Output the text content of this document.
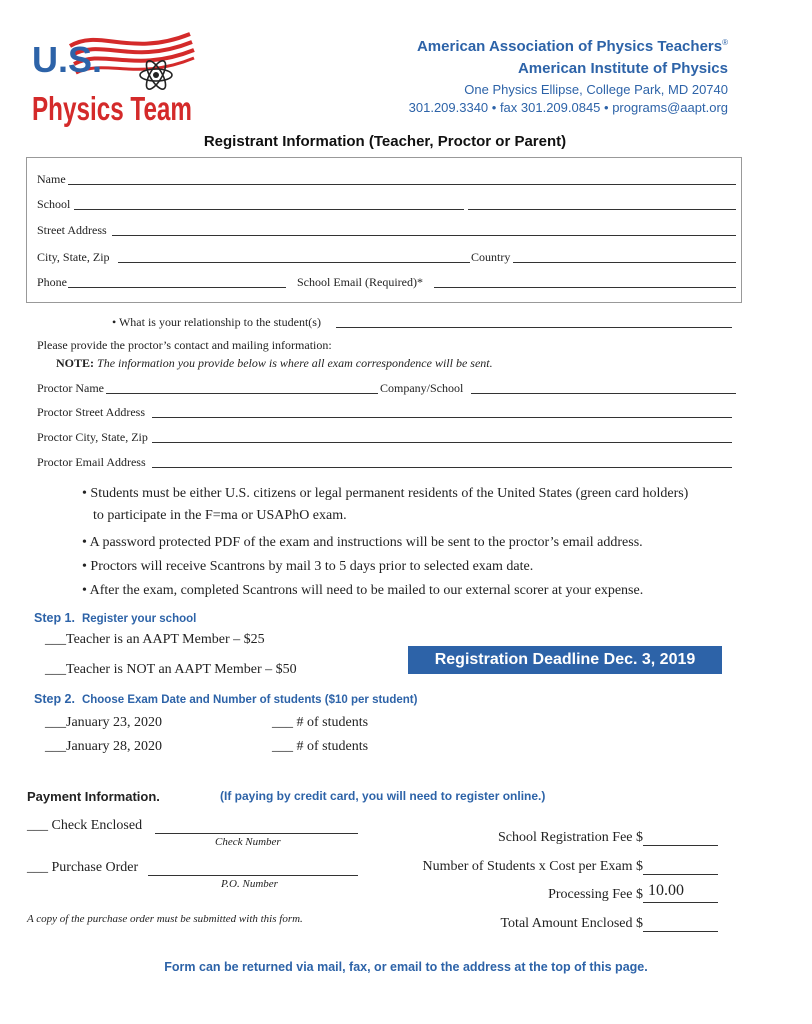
U.S.
Physics Team
American Association of Physics Teachers®
American Institute of Physics
One Physics Ellipse, College Park, MD 20740
301.209.3340 • fax 301.209.0845 • programs@aapt.org
Registrant Information (Teacher, Proctor or Parent)
Name
School
Street Address
City, State, Zip	Country
Phone	School Email (Required)*
• What is your relationship to the student(s)
Please provide the proctor’s contact and mailing information:
NOTE: The information you provide below is where all exam correspondence will be sent.
Proctor Name	Company/School
Proctor Street Address
Proctor City, State, Zip
Proctor Email Address
• Students must be either U.S. citizens or legal permanent residents of the United States (green card holders)
to participate in the F=ma or USAPhO exam.
• A password protected PDF of the exam and instructions will be sent to the proctor’s email address.
• Proctors will receive Scantrons by mail 3 to 5 days prior to selected exam date.
• After the exam, completed Scantrons will need to be mailed to our external scorer at your expense.
Step 1. Register your school
___Teacher is an AAPT Member – $25
___Teacher is NOT an AAPT Member – $50
Registration Deadline Dec. 3, 2019
Step 2. Choose Exam Date and Number of students ($10 per student)
___January 23, 2020	___ # of students
___January 28, 2020	___ # of students
Payment Information.	(If paying by credit card, you will need to register online.)
___ Check Enclosed
Check Number
___ Purchase Order
P.O. Number
A copy of the purchase order must be submitted with this form.
School Registration Fee $
Number of Students x Cost per Exam $
Processing Fee $ 10.00
Total Amount Enclosed $
Form can be returned via mail, fax, or email to the address at the top of this page.
